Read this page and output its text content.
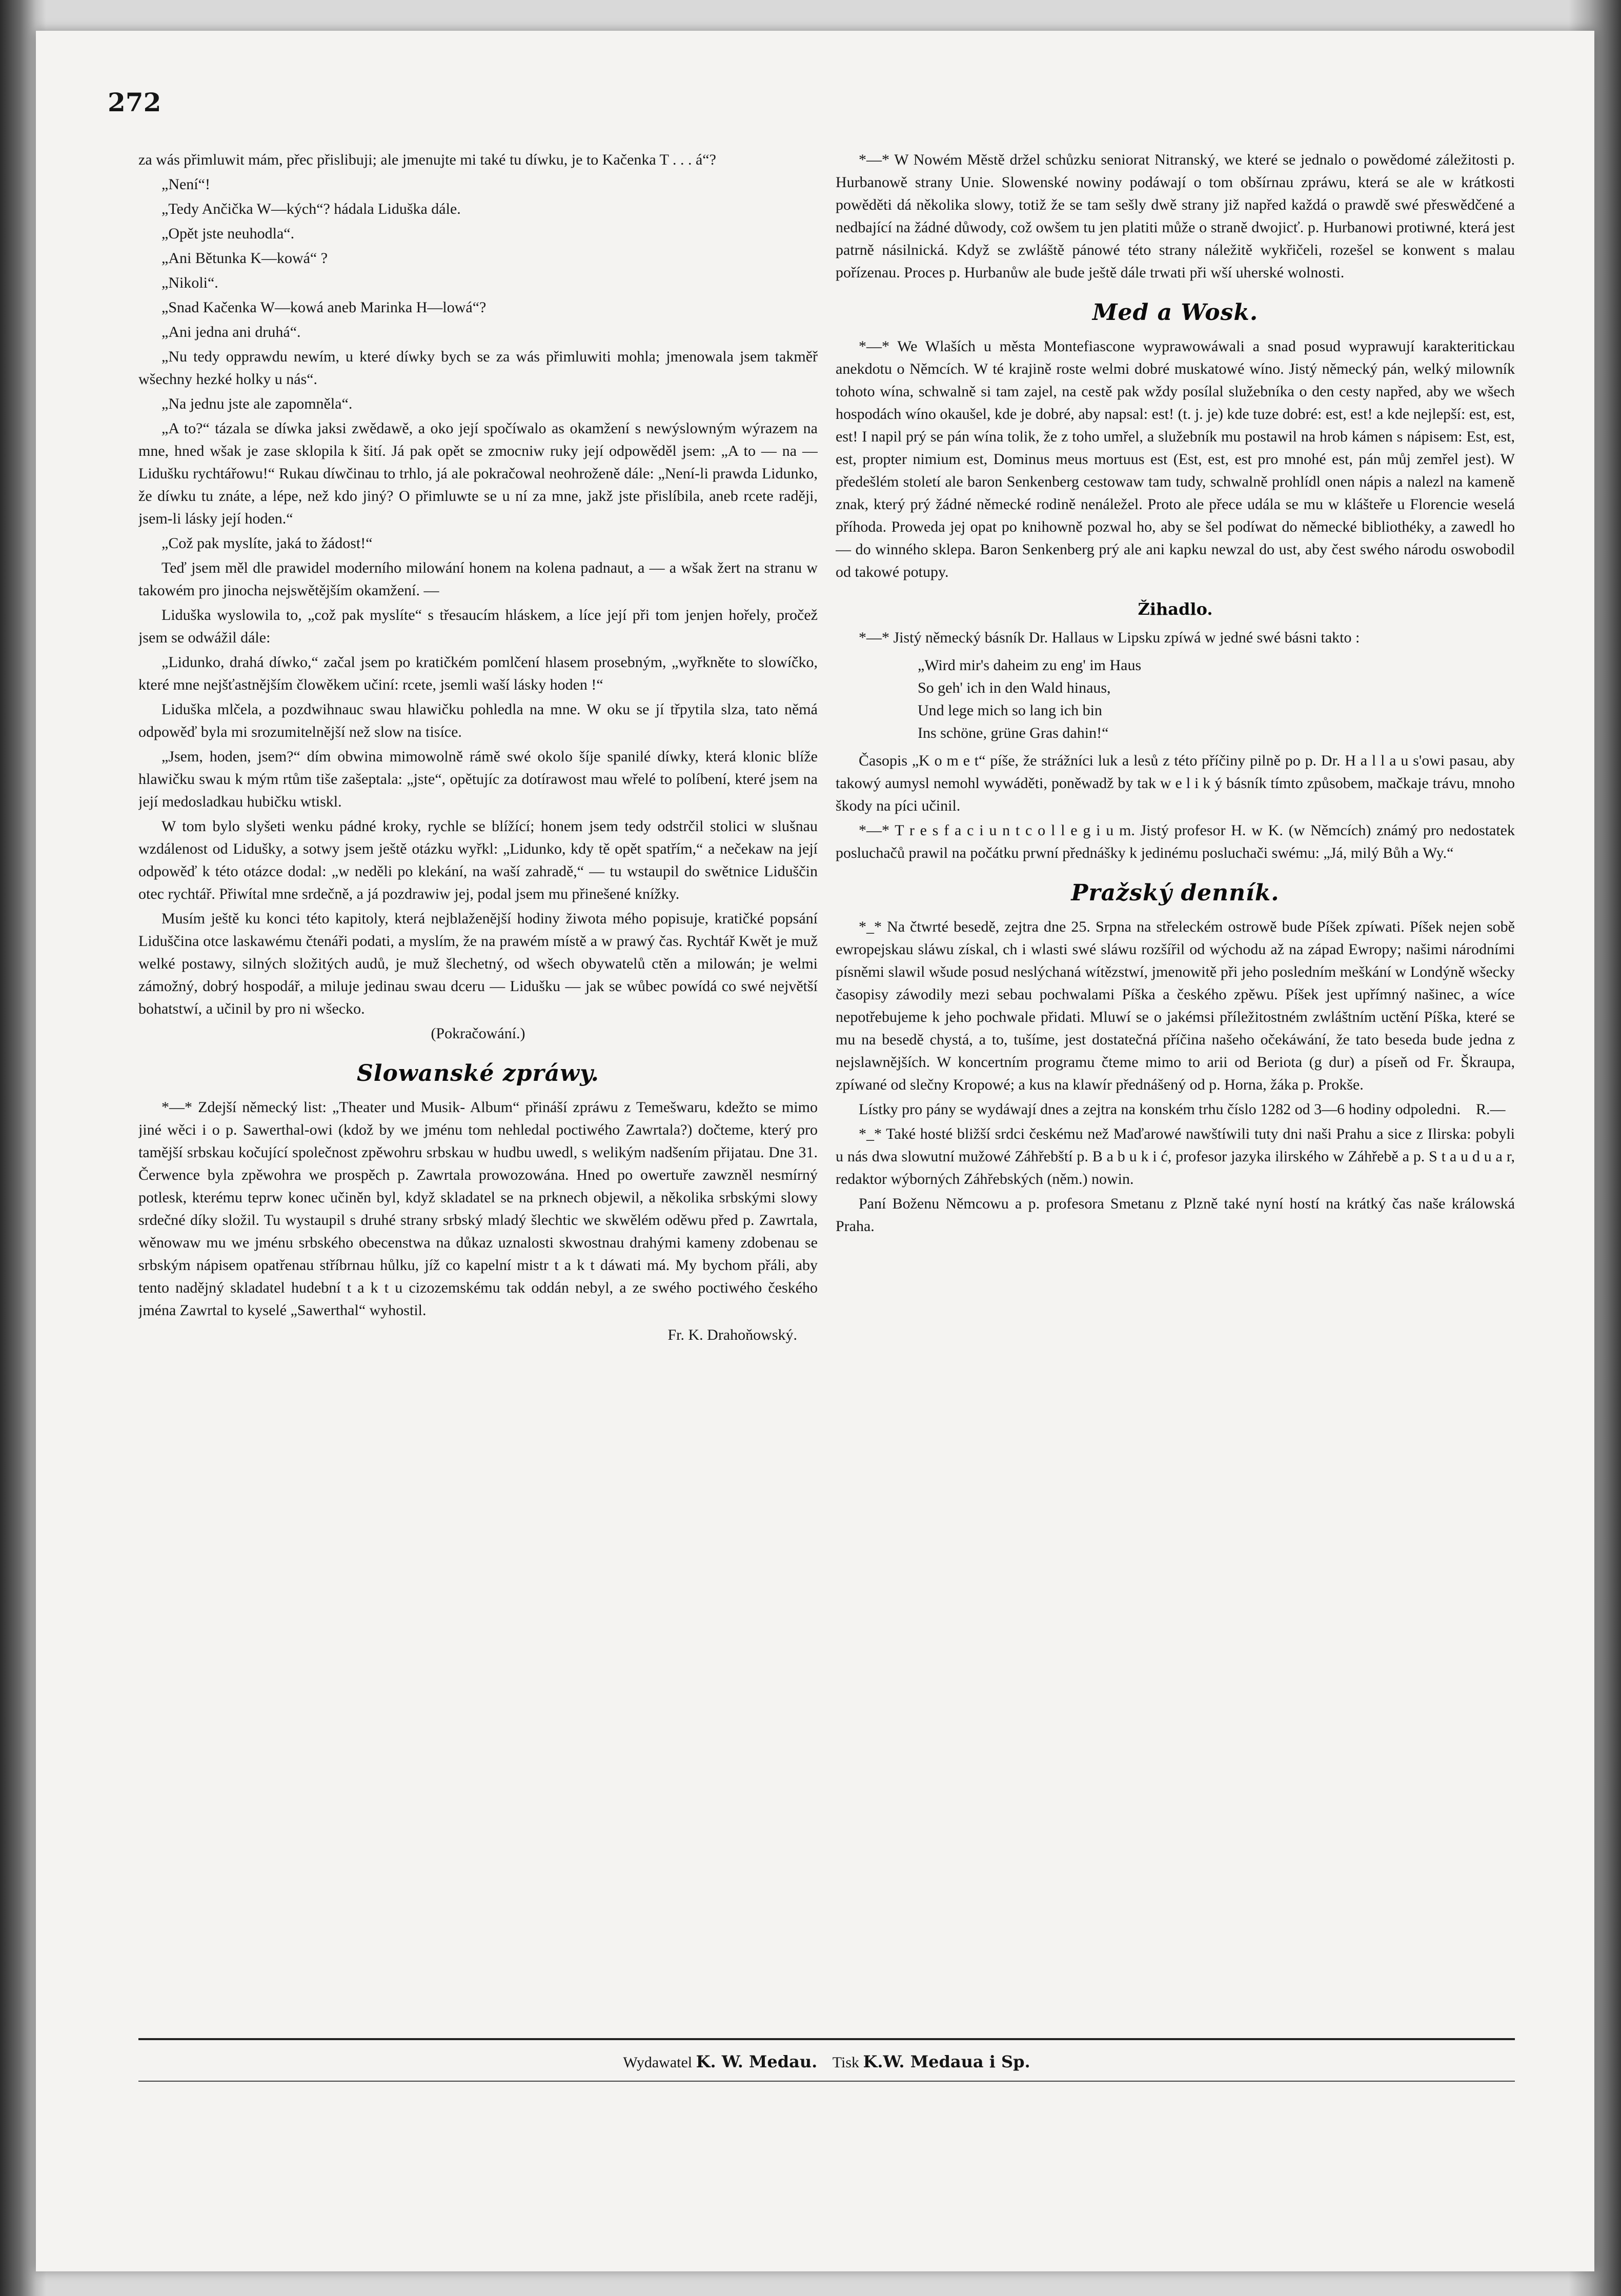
272

za wás přimluwit mám, přec přislibuji; ale jmenujte mi také tu díwku, je to Kačenka T . . . á“?

„Není“!

„Tedy Ančička W—kých“? hádala Liduška dále.

„Opět jste neuhodla“.

„Ani Bětunka K—kowá“ ?

„Nikoli“.

„Snad Kačenka W—kowá aneb Marinka H—lowá“?

„Ani jedna ani druhá“.

„Nu tedy opprawdu newím, u které díwky bych se za wás přimluwiti mohla; jmenowala jsem takměř wšechny hezké holky u nás“.

„Na jednu jste ale zapomněla“.

„A to?“ tázala se díwka jaksi zwědawě, a oko její spočíwalo as okamžení s newýslowným wýrazem na mne, hned wšak je zase sklopila k šití. Já pak opět se zmocniw ruky její odpowěděl jsem: „A to — na — Lidušku rychtářowu!“ Rukau díwčinau to trhlo, já ale pokračowal neohroženě dále: „Není-li prawda Lidunko, že díwku tu znáte, a lépe, než kdo jiný? O přimluwte se u ní za mne, jakž jste přislíbila, aneb rcete raději, jsem-li lásky její hoden.“

„Což pak myslíte, jaká to žádost!“

Teď jsem měl dle prawidel moderního milowání honem na kolena padnaut, a — a wšak žert na stranu w takowém pro jinocha nejswětějším okamžení. —

Liduška wyslowila to, „což pak myslíte“ s třesaucím hláskem, a líce její při tom jenjen hořely, pročež jsem se odwážil dále:

„Lidunko, drahá díwko,“ začal jsem po kratičkém pomlčení hlasem prosebným, „wyřkněte to slowíčko, které mne nejšťastnějším člowěkem učiní: rcete, jsemli waší lásky hoden !“

Liduška mlčela, a pozdwihnauc swau hlawičku pohledla na mne. W oku se jí třpytila slza, tato němá odpowěď byla mi srozumitelnější než slow na tisíce.

„Jsem, hoden, jsem?“ dím obwina mimowolně rámě swé okolo šíje spanilé díwky, která klonic blíže hlawičku swau k mým rtům tiše zašeptala: „jste“, opětujíc za dotírawost mau wřelé to políbení, které jsem na její medosladkau hubičku wtiskl.

W tom bylo slyšeti wenku pádné kroky, rychle se blížící; honem jsem tedy odstrčil stolici w slušnau wzdálenost od Lidušky, a sotwy jsem ještě otázku wyřkl: „Lidunko, kdy tě opět spatřím,“ a nečekaw na její odpowěď k této otázce dodal: „w neděli po klekání, na waší zahradě,“ — tu wstaupil do swětnice Liduščin otec rychtář. Přiwítal mne srdečně, a já pozdrawiw jej, podal jsem mu přinešené knížky.

Musím ještě ku konci této kapitoly, která nejblaženější hodiny žiwota mého popisuje, kratičké popsání Liduščina otce laskawému čtenáři podati, a myslím, že na prawém místě a w prawý čas. Rychtář Kwět je muž welké postawy, silných složitých audů, je muž šlechetný, od wšech obywatelů ctěn a milowán; je welmi zámožný, dobrý hospodář, a miluje jedinau swau dceru — Lidušku — jak se wůbec powídá co swé největší bohatstwí, a učinil by pro ni wšecko.

(Pokračowání.)

Slowanské zpráwy.

*—* Zdejší německý list: „Theater und Musik- Album“ přináší zpráwu z Temešwaru, kdežto se mimo jiné wěci i o p. Sawerthal-owi (kdož by we jménu tom nehledal poctiwého Zawrtala?) dočteme, který pro tamější srbskau kočující společnost zpěwohru srbskau w hudbu uwedl, s welikým nadšením přijatau. Dne 31. Čerwence byla zpěwohra we prospěch p. Zawrtala prowozowána. Hned po owertuře zawzněl nesmírný potlesk, kterému teprw konec učiněn byl, když skladatel se na prknech objewil, a několika srbskými slowy srdečné díky složil. Tu wystaupil s druhé strany srbský mladý šlechtic we skwělém oděwu před p. Zawrtala, wěnowaw mu we jménu srbského obecenstwa na důkaz uznalosti skwostnau drahými kameny zdobenau se srbským nápisem opatřenau stříbrnau hůlku, jíž co kapelní mistr t a k t dáwati má. My bychom přáli, aby tento nadějný skladatel hudební t a k t u cizozemskému tak oddán nebyl, a ze swého poctiwého českého jména Zawrtal to kyselé „Sawerthal“ wyhostil.

Fr. K. Drahoňowský.

*—* W Nowém Městě držel schůzku seniorat Nitranský, we které se jednalo o powědomé záležitosti p. Hurbanowě strany Unie. Slowenské nowiny podáwají o tom obšírnau zpráwu, která se ale w krátkosti powěděti dá několika slowy, totiž že se tam sešly dwě strany již napřed každá o prawdě swé přeswědčené a nedbající na žádné důwody, což owšem tu jen platiti může o straně dwojicť. p. Hurbanowi protiwné, která jest patrně násilnická. Když se zwláště pánowé této strany náležitě wykřičeli, rozešel se konwent s malau pořízenau. Proces p. Hurbanůw ale bude ještě dále trwati při wší uherské wolnosti.

Med a Wosk.

*—* We Wlaších u města Montefiascone wyprawowáwali a snad posud wyprawují karakteritickau anekdotu o Němcích. W té krajině roste welmi dobré muskatowé wíno. Jistý německý pán, welký milowník tohoto wína, schwalně si tam zajel, na cestě pak wždy posílal služebníka o den cesty napřed, aby we wšech hospodách wíno okaušel, kde je dobré, aby napsal: est! (t. j. je) kde tuze dobré: est, est! a kde nejlepší: est, est, est! I napil prý se pán wína tolik, že z toho umřel, a služebník mu postawil na hrob kámen s nápisem: Est, est, est, propter nimium est, Dominus meus mortuus est (Est, est, est pro mnohé est, pán můj zemřel jest). W předešlém století ale baron Senkenberg cestowaw tam tudy, schwalně prohlídl onen nápis a nalezl na kameně znak, který prý žádné německé rodině nenáležel. Proto ale přece udála se mu w klášteře u Florencie weselá příhoda. Proweda jej opat po knihowně pozwal ho, aby se šel podíwat do německé bibliothéky, a zawedl ho — do winného sklepa. Baron Senkenberg prý ale ani kapku newzal do ust, aby čest swého národu oswobodil od takowé potupy.

Žihadlo.

*—* Jistý německý básník Dr. Hallaus w Lipsku zpíwá w jedné swé básni takto :

„Wird mir's daheim zu eng' im Haus
So geh' ich in den Wald hinaus,
Und lege mich so lang ich bin
Ins schöne, grüne Gras dahin!“

Časopis „K o m e t“ píše, že strážníci luk a lesů z této příčiny pilně po p. Dr. H a l l a u s'owi pasau, aby takowý aumysl nemohl wywáděti, poněwadž by tak w e l i k ý básník tímto způsobem, mačkaje trávu, mnoho škody na píci učinil.

*—* T r e s f a c i u n t c o l l e g i u m. Jistý profesor H. w K. (w Němcích) známý pro nedostatek posluchačů prawil na počátku prwní přednášky k jedinému posluchači swému: „Já, milý Bůh a Wy.“

Pražský denník.

*_* Na čtwrté besedě, zejtra dne 25. Srpna na střeleckém ostrowě bude Píšek zpíwati. Píšek nejen sobě ewropejskau sláwu získal, ch i wlasti swé sláwu rozšířil od wýchodu až na západ Ewropy; našimi národními písněmi slawil wšude posud neslýchaná wítězstwí, jmenowitě při jeho posledním meškání w Londýně wšecky časopisy záwodily mezi sebau pochwalami Píška a českého zpěwu. Píšek jest upřímný našinec, a wíce nepotřebujeme k jeho pochwale přidati. Mluwí se o jakémsi příležitostném zwláštním uctění Píška, které se mu na besedě chystá, a to, tušíme, jest dostatečná příčina našeho očekáwání, že tato beseda bude jedna z nejslawnějších. W koncertním programu čteme mimo to arii od Beriota (g dur) a píseň od Fr. Škraupa, zpíwané od slečny Kropowé; a kus na klawír přednášený od p. Horna, žáka p. Prokše.

Lístky pro pány se wydáwají dnes a zejtra na konském trhu číslo 1282 od 3—6 hodiny odpoledni. R.—

*_* Také hosté bližší srdci českému než Maďarowé nawštíwili tuty dni naši Prahu a sice z Ilirska: pobyli u nás dwa slowutní mužowé Záhřebští p. B a b u k i ć, profesor jazyka ilirského w Záhřebě a p. S t a u d u a r, redaktor wýborných Záhřebských (něm.) nowin.

Paní Boženu Němcowu a p. profesora Smetanu z Plzně také nyní hostí na krátký čas naše králowská Praha.

Wydawatel K. W. Medau. Tisk K.W. Medaua i Sp.
